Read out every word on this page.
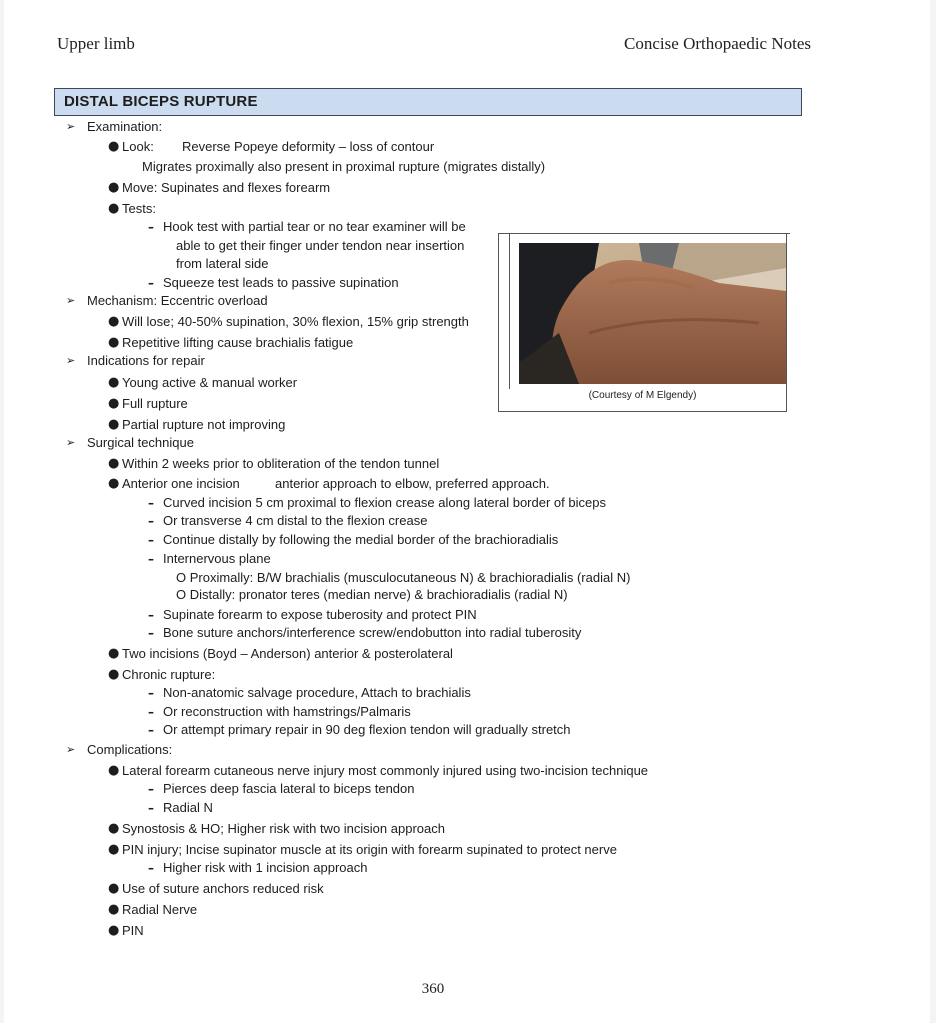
Upper limb	Concise Orthopaedic Notes
DISTAL BICEPS RUPTURE
➢ Examination:
● Look: Reverse Popeye deformity – loss of contour
Migrates proximally also present in proximal rupture (migrates distally)
● Move: Supinates and flexes forearm
● Tests:
– Hook test with partial tear or no tear examiner will be
able to get their finger under tendon near insertion
from lateral side
– Squeeze test leads to passive supination
➢ Mechanism: Eccentric overload
● Will lose; 40-50% supination, 30% flexion, 15% grip strength
● Repetitive lifting cause brachialis fatigue
➢ Indications for repair
● Young active & manual worker
● Full rupture
● Partial rupture not improving
➢ Surgical technique
● Within 2 weeks prior to obliteration of the tendon tunnel
● Anterior one incision	anterior approach to elbow, preferred approach.
– Curved incision 5 cm proximal to flexion crease along lateral border of biceps
– Or transverse 4 cm distal to the flexion crease
– Continue distally by following the medial border of the brachioradialis
– Internervous plane
O Proximally: B/W brachialis (musculocutaneous N) & brachioradialis (radial N)
O Distally: pronator teres (median nerve) & brachioradialis (radial N)
– Supinate forearm to expose tuberosity and protect PIN
– Bone suture anchors/interference screw/endobutton into radial tuberosity
● Two incisions (Boyd – Anderson) anterior & posterolateral
● Chronic rupture:
– Non-anatomic salvage procedure, Attach to brachialis
– Or reconstruction with hamstrings/Palmaris
– Or attempt primary repair in 90 deg flexion tendon will gradually stretch
➢ Complications:
● Lateral forearm cutaneous nerve injury most commonly injured using two-incision technique
– Pierces deep fascia lateral to biceps tendon
– Radial N
● Synostosis & HO; Higher risk with two incision approach
● PIN injury; Incise supinator muscle at its origin with forearm supinated to protect nerve
– Higher risk with 1 incision approach
● Use of suture anchors reduced risk
● Radial Nerve
● PIN
(Courtesy of M Elgendy)
360
